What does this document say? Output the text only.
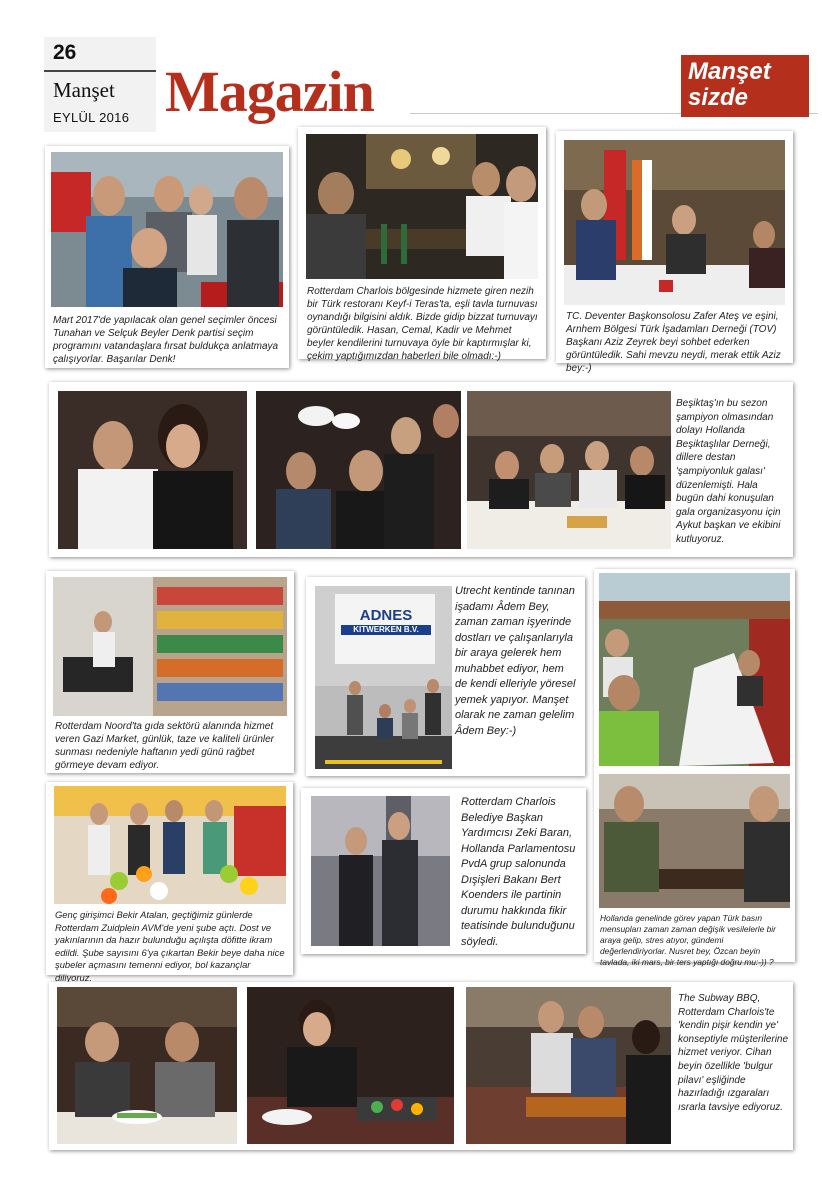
26
Manşet
EYLÜL 2016 Magazin	Manşet
sizde
Mart 2017'de yapılacak olan genel seçimler öncesi Tunahan ve Selçuk Beyler Denk partisi seçim programını vatandaşlara fırsat buldukça anlatmaya çalışıyorlar. Başarılar Denk!
Rotterdam Charlois bölgesinde hizmete giren nezih bir Türk restoranı Keyf-i Teras'ta, eşli tavla turnuvası oynandığı bilgisini aldık. Bizde gidip bizzat turnuvayı görüntüledik. Hasan, Cemal, Kadir ve Mehmet beyler kendilerini turnuvaya öyle bir kaptırmışlar ki, çekim yaptığımızdan haberleri bile olmadı:-)
TC. Deventer Başkonsolosu Zafer Ateş ve eşini, Arnhem Bölgesi Türk İşadamları Derneği (TOV) Başkanı Aziz Zeyrek beyi sohbet ederken görüntüledik. Sahi mevzu neydi, merak ettik Aziz bey:-)
Beşiktaş'ın bu sezon şampiyon olmasından dolayı Hollanda Beşiktaşlılar Derneği, dillere destan 'şampiyonluk galası' düzenlemişti. Hala bugün dahi konuşulan gala organizasyonu için Aykut başkan ve ekibini kutluyoruz.
Rotterdam Noord'ta gıda sektörü alanında hizmet veren Gazi Market, günlük, taze ve kaliteli ürünler sunması nedeniyle haftanın yedi günü rağbet görmeye devam ediyor.
ADNES
KITWERKEN B.V.
Utrecht kentinde tanınan işadamı Âdem Bey, zaman zaman işyerinde dostları ve çalışanlarıyla bir araya gelerek hem muhabbet ediyor, hem de kendi elleriyle yöresel yemek yapıyor. Manşet olarak ne zaman gelelim Âdem Bey:-)
Hollanda genelinde görev yapan Türk basın mensupları zaman zaman değişik vesilelerle bir araya gelip, stres atıyor, gündemi değerlendiriyorlar. Nusret bey, Özcan beyin tavlada, iki mars, bir ters yaptığı doğru mu:-)) ?
Genç girişimci Bekir Atalan, geçtiğimiz günlerde Rotterdam Zuidplein AVM'de yeni şube açtı. Dost ve yakınlarının da hazır bulunduğu açılışta döfitte ikram edildi. Şube sayısını 6'ya çıkartan Bekir beye daha nice şubeler açmasını temenni ediyor, bol kazançlar diliyoruz.
Rotterdam Charlois Belediye Başkan Yardımcısı Zeki Baran, Hollanda Parlamentosu PvdA grup salonunda Dışişleri Bakanı Bert Koenders ile partinin durumu hakkında fikir teatisinde bulunduğunu söyledi.
The Subway BBQ, Rotterdam Charlois'te 'kendin pişir kendin ye' konseptiyle müşterilerine hizmet veriyor. Cihan beyin özellikle 'bulgur pilavı' eşliğinde hazırladığı ızgaraları ısrarla tavsiye ediyoruz.
